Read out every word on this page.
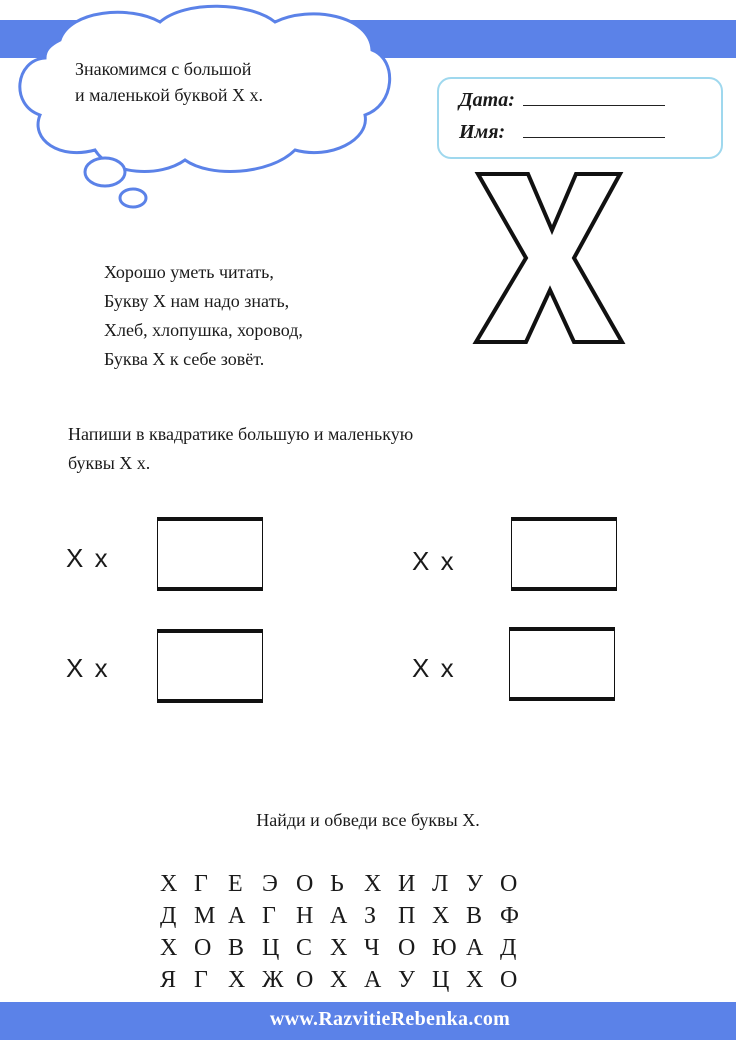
Знакомимся с большой
и маленькой буквой Х х.	Дата:
Имя:
Хорошо уметь читать,
Букву Х нам надо знать,
Хлеб, хлопушка, хоровод,
Буква Х к себе зовёт.
Напиши в квадратике большую и маленькую
буквы Х х.
Х х	Х х
Х х	Х х
Найди и обведи все буквы Х.
Х Г Е Э О Ь Х И Л У О
Д М А Г Н А З П Х В Ф
Х О В Ц С Х Ч О Ю А Д
Я Г Х Ж О Х А У Ц Х О
www.RazvitieRebenka.com
